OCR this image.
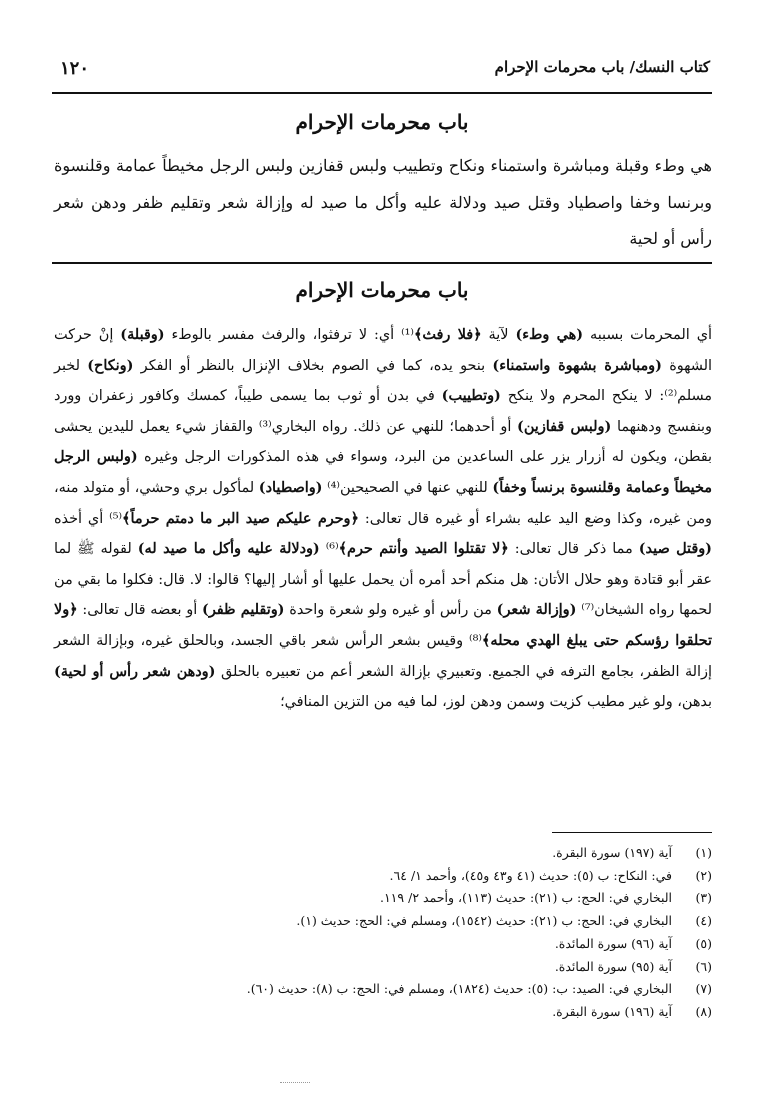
كتاب النسك/ باب محرمات الإحرام
١٢٠
باب محرمات الإحرام
هي وطء وقبلة ومباشرة واستمناء ونكاح وتطييب ولبس قفازين ولبس الرجل مخيطاً عمامة وقلنسوة وبرنسا وخفا واصطياد وقتل صيد ودلالة عليه وأكل ما صيد له وإزالة شعر وتقليم ظفر ودهن شعر رأس أو لحية
باب محرمات الإحرام
أي المحرمات بسببه (هي وطء) لآية ﴿فلا رفث﴾⁽¹⁾ أي: لا ترفثوا، والرفث مفسر بالوطء (وقبلة) إنْ حركت الشهوة (ومباشرة بشهوة واستمناء) بنحو يده، كما في الصوم بخلاف الإنزال بالنظر أو الفكر (ونكاح) لخبر مسلم⁽²⁾: لا ينكح المحرم ولا ينكح (وتطييب) في بدن أو ثوب بما يسمى طيباً، كمسك وكافور زعفران وورد وبنفسج ودهنهما (ولبس قفازين) أو أحدهما؛ للنهي عن ذلك. رواه البخاري⁽³⁾ والقفاز شيء يعمل لليدين يحشى بقطن، ويكون له أزرار يزر على الساعدين من البرد، وسواء في هذه المذكورات الرجل وغيره (ولبس الرجل مخيطاً وعمامة وقلنسوة برنساً وخفاً) للنهي عنها في الصحيحين⁽⁴⁾ (واصطياد) لمأكول بري وحشي، أو متولد منه، ومن غيره، وكذا وضع اليد عليه بشراء أو غيره قال تعالى: ﴿وحرم عليكم صيد البر ما دمتم حرماً﴾⁽⁵⁾ أي أخذه (وقتل صيد) مما ذكر قال تعالى: ﴿لا تقتلوا الصيد وأنتم حرم﴾⁽⁶⁾ (ودلالة عليه وأكل ما صيد له) لقوله ﷺ لما عقر أبو قتادة وهو حلال الأتان: هل منكم أحد أمره أن يحمل عليها أو أشار إليها؟ قالوا: لا. قال: فكلوا ما بقي من لحمها رواه الشيخان⁽⁷⁾ (وإزالة شعر) من رأس أو غيره ولو شعرة واحدة (وتقليم ظفر) أو بعضه قال تعالى: ﴿ولا تحلقوا رؤسكم حتى يبلغ الهدي محله﴾⁽⁸⁾ وقيس بشعر الرأس شعر باقي الجسد، وبالحلق غيره، وبإزالة الشعر إزالة الظفر، بجامع الترفه في الجميع. وتعبيري بإزالة الشعر أعم من تعبيره بالحلق (ودهن شعر رأس أو لحية) بدهن، ولو غير مطيب كزيت وسمن ودهن لوز، لما فيه من التزين المنافي؛
(١)
آية (١٩٧) سورة البقرة.
(٢)
في: النكاح: ب (٥): حديث (٤١ و٤٣ و٤٥)، وأحمد ١/ ٦٤.
(٣)
البخاري في: الحج: ب (٢١): حديث (١١٣)، وأحمد ٢/ ١١٩.
(٤)
البخاري في: الحج: ب (٢١): حديث (١٥٤٢)، ومسلم في: الحج: حديث (١).
(٥)
آية (٩٦) سورة المائدة.
(٦)
آية (٩٥) سورة المائدة.
(٧)
البخاري في: الصيد: ب: (٥): حديث (١٨٢٤)، ومسلم في: الحج: ب (٨): حديث (٦٠).
(٨)
آية (١٩٦) سورة البقرة.
